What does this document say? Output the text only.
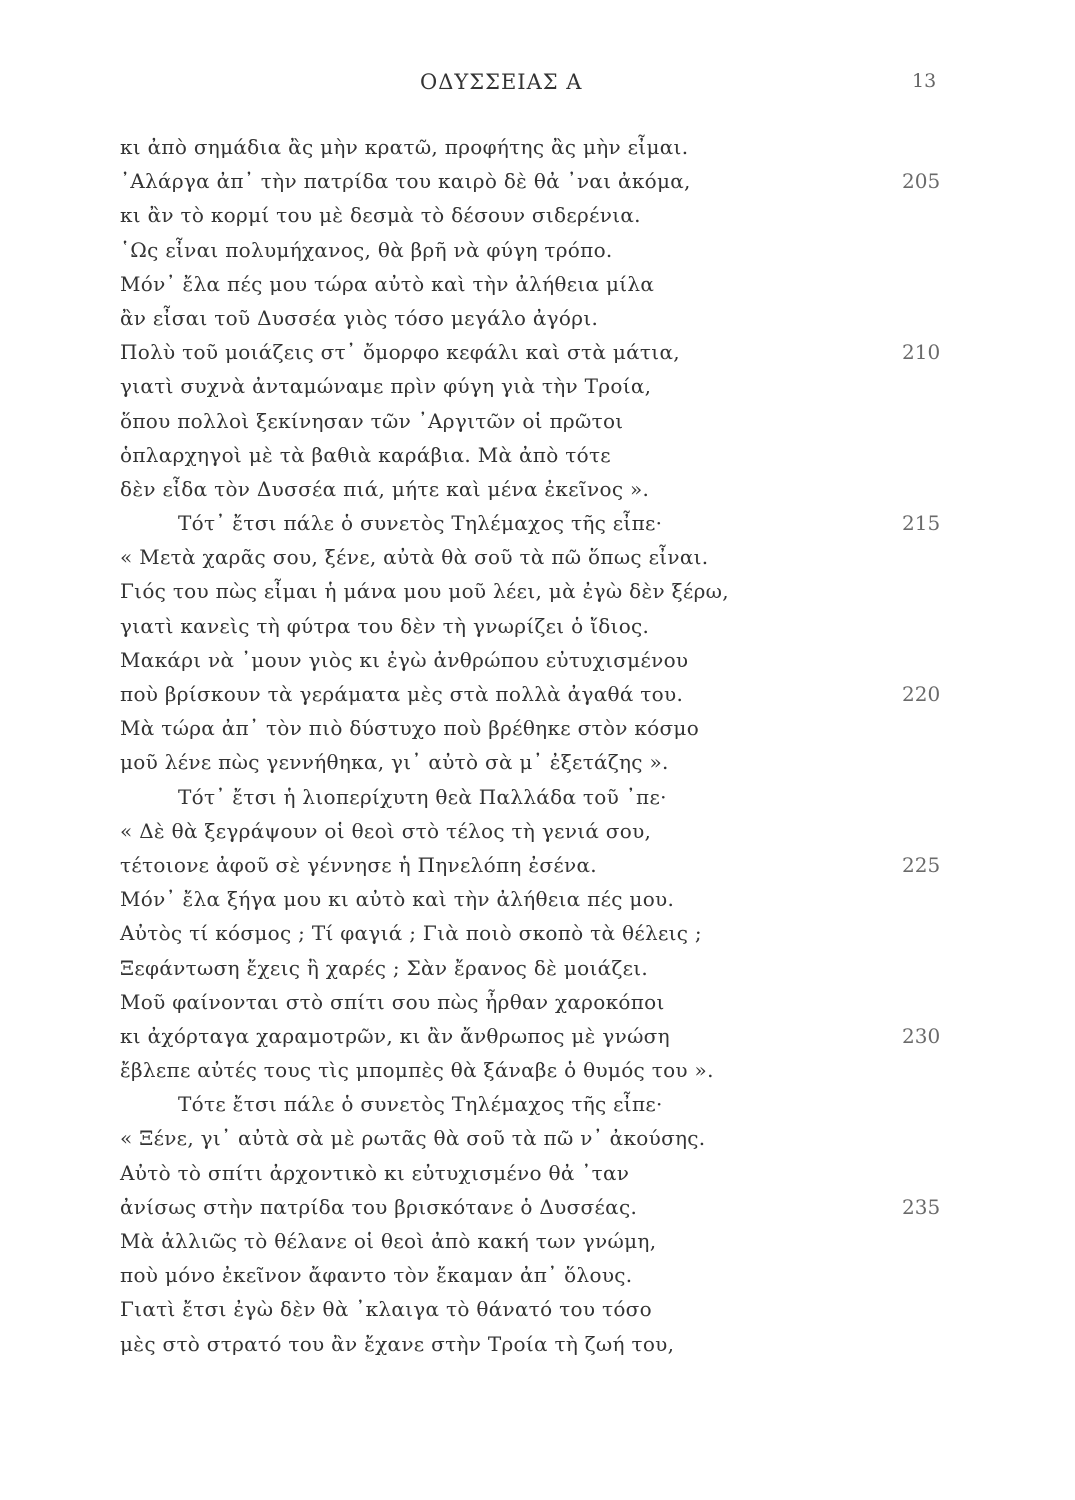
ΟΔΥΣΣΕΙΑΣ Α	13
κι ἀπὸ σημάδια ἂς μὴν κρατῶ, προφήτης ἂς μὴν εἶμαι.
᾿Αλάργα ἀπ᾿ τὴν πατρίδα του καιρὸ δὲ θἀ ᾿ναι ἀκόμα,	205
κι ἂν τὸ κορμί του μὲ δεσμὰ τὸ δέσουν σιδερένια.
῾Ως εἶναι πολυμήχανος, θὰ βρῆ νὰ φύγη τρόπο.
Μόν᾿ ἔλα πές μου τώρα αὐτὸ καὶ τὴν ἀλήθεια μίλα
ἂν εἶσαι τοῦ Δυσσέα γιὸς τόσο μεγάλο ἀγόρι.
Πολὺ τοῦ μοιάζεις στ᾿ ὄμορφο κεφάλι καὶ στὰ μάτια,	210
γιατὶ συχνὰ ἀνταμώναμε πρὶν φύγη γιὰ τὴν Τροία,
ὅπου πολλοὶ ξεκίνησαν τῶν ᾿Αργιτῶν οἱ πρῶτοι
ὁπλαρχηγοὶ μὲ τὰ βαθιὰ καράβια. Μὰ ἀπὸ τότε
δὲν εἶδα τὸν Δυσσέα πιά, μήτε καὶ μένα ἐκεῖνος ».
Τότ᾿ ἔτσι πάλε ὁ συνετὸς Τηλέμαχος τῆς εἶπε·	215
« Μετὰ χαρᾶς σου, ξένε, αὐτὰ θὰ σοῦ τὰ πῶ ὅπως εἶναι.
Γιός του πὼς εἶμαι ἡ μάνα μου μοῦ λέει, μὰ ἐγὼ δὲν ξέρω,
γιατὶ κανεὶς τὴ φύτρα του δὲν τὴ γνωρίζει ὁ ἴδιος.
Μακάρι νὰ ᾿μουν γιὸς κι ἐγὼ ἀνθρώπου εὐτυχισμένου
ποὺ βρίσκουν τὰ γεράματα μὲς στὰ πολλὰ ἀγαθά του.	220
Μὰ τώρα ἀπ᾿ τὸν πιὸ δύστυχο ποὺ βρέθηκε στὸν κόσμο
μοῦ λένε πὼς γεννήθηκα, γι᾿ αὐτὸ σὰ μ᾿ ἐξετάζης ».
Τότ᾿ ἔτσι ἡ λιοπερίχυτη θεὰ Παλλάδα τοῦ ᾿πε·
« Δὲ θὰ ξεγράψουν οἱ θεοὶ στὸ τέλος τὴ γενιά σου,
τέτοιονε ἀφοῦ σὲ γέννησε ἡ Πηνελόπη ἐσένα.	225
Μόν᾿ ἔλα ξήγα μου κι αὐτὸ καὶ τὴν ἀλήθεια πές μου.
Αὐτὸς τί κόσμος ; Τί φαγιά ; Γιὰ ποιὸ σκοπὸ τὰ θέλεις ;
Ξεφάντωση ἔχεις ἢ χαρές ; Σὰν ἔρανος δὲ μοιάζει.
Μοῦ φαίνονται στὸ σπίτι σου πὼς ἦρθαν χαροκόποι
κι ἀχόρταγα χαραμοτρῶν, κι ἂν ἄνθρωπος μὲ γνώση	230
ἔβλεπε αὐτές τους τὶς μπομπὲς θὰ ξάναβε ὁ θυμός του ».
Τότε ἔτσι πάλε ὁ συνετὸς Τηλέμαχος τῆς εἶπε·
« Ξένε, γι᾿ αὐτὰ σὰ μὲ ρωτᾶς θὰ σοῦ τὰ πῶ ν᾿ ἀκούσης.
Αὐτὸ τὸ σπίτι ἀρχοντικὸ κι εὐτυχισμένο θἀ ᾿ταν
ἀνίσως στὴν πατρίδα του βρισκότανε ὁ Δυσσέας.	235
Μὰ ἀλλιῶς τὸ θέλανε οἱ θεοὶ ἀπὸ κακή των γνώμη,
ποὺ μόνο ἐκεῖνον ἄφαντο τὸν ἔκαμαν ἀπ᾿ ὅλους.
Γιατὶ ἔτσι ἐγὼ δὲν θὰ ᾿κλαιγα τὸ θάνατό του τόσο
μὲς στὸ στρατό του ἂν ἔχανε στὴν Τροία τὴ ζωή του,
